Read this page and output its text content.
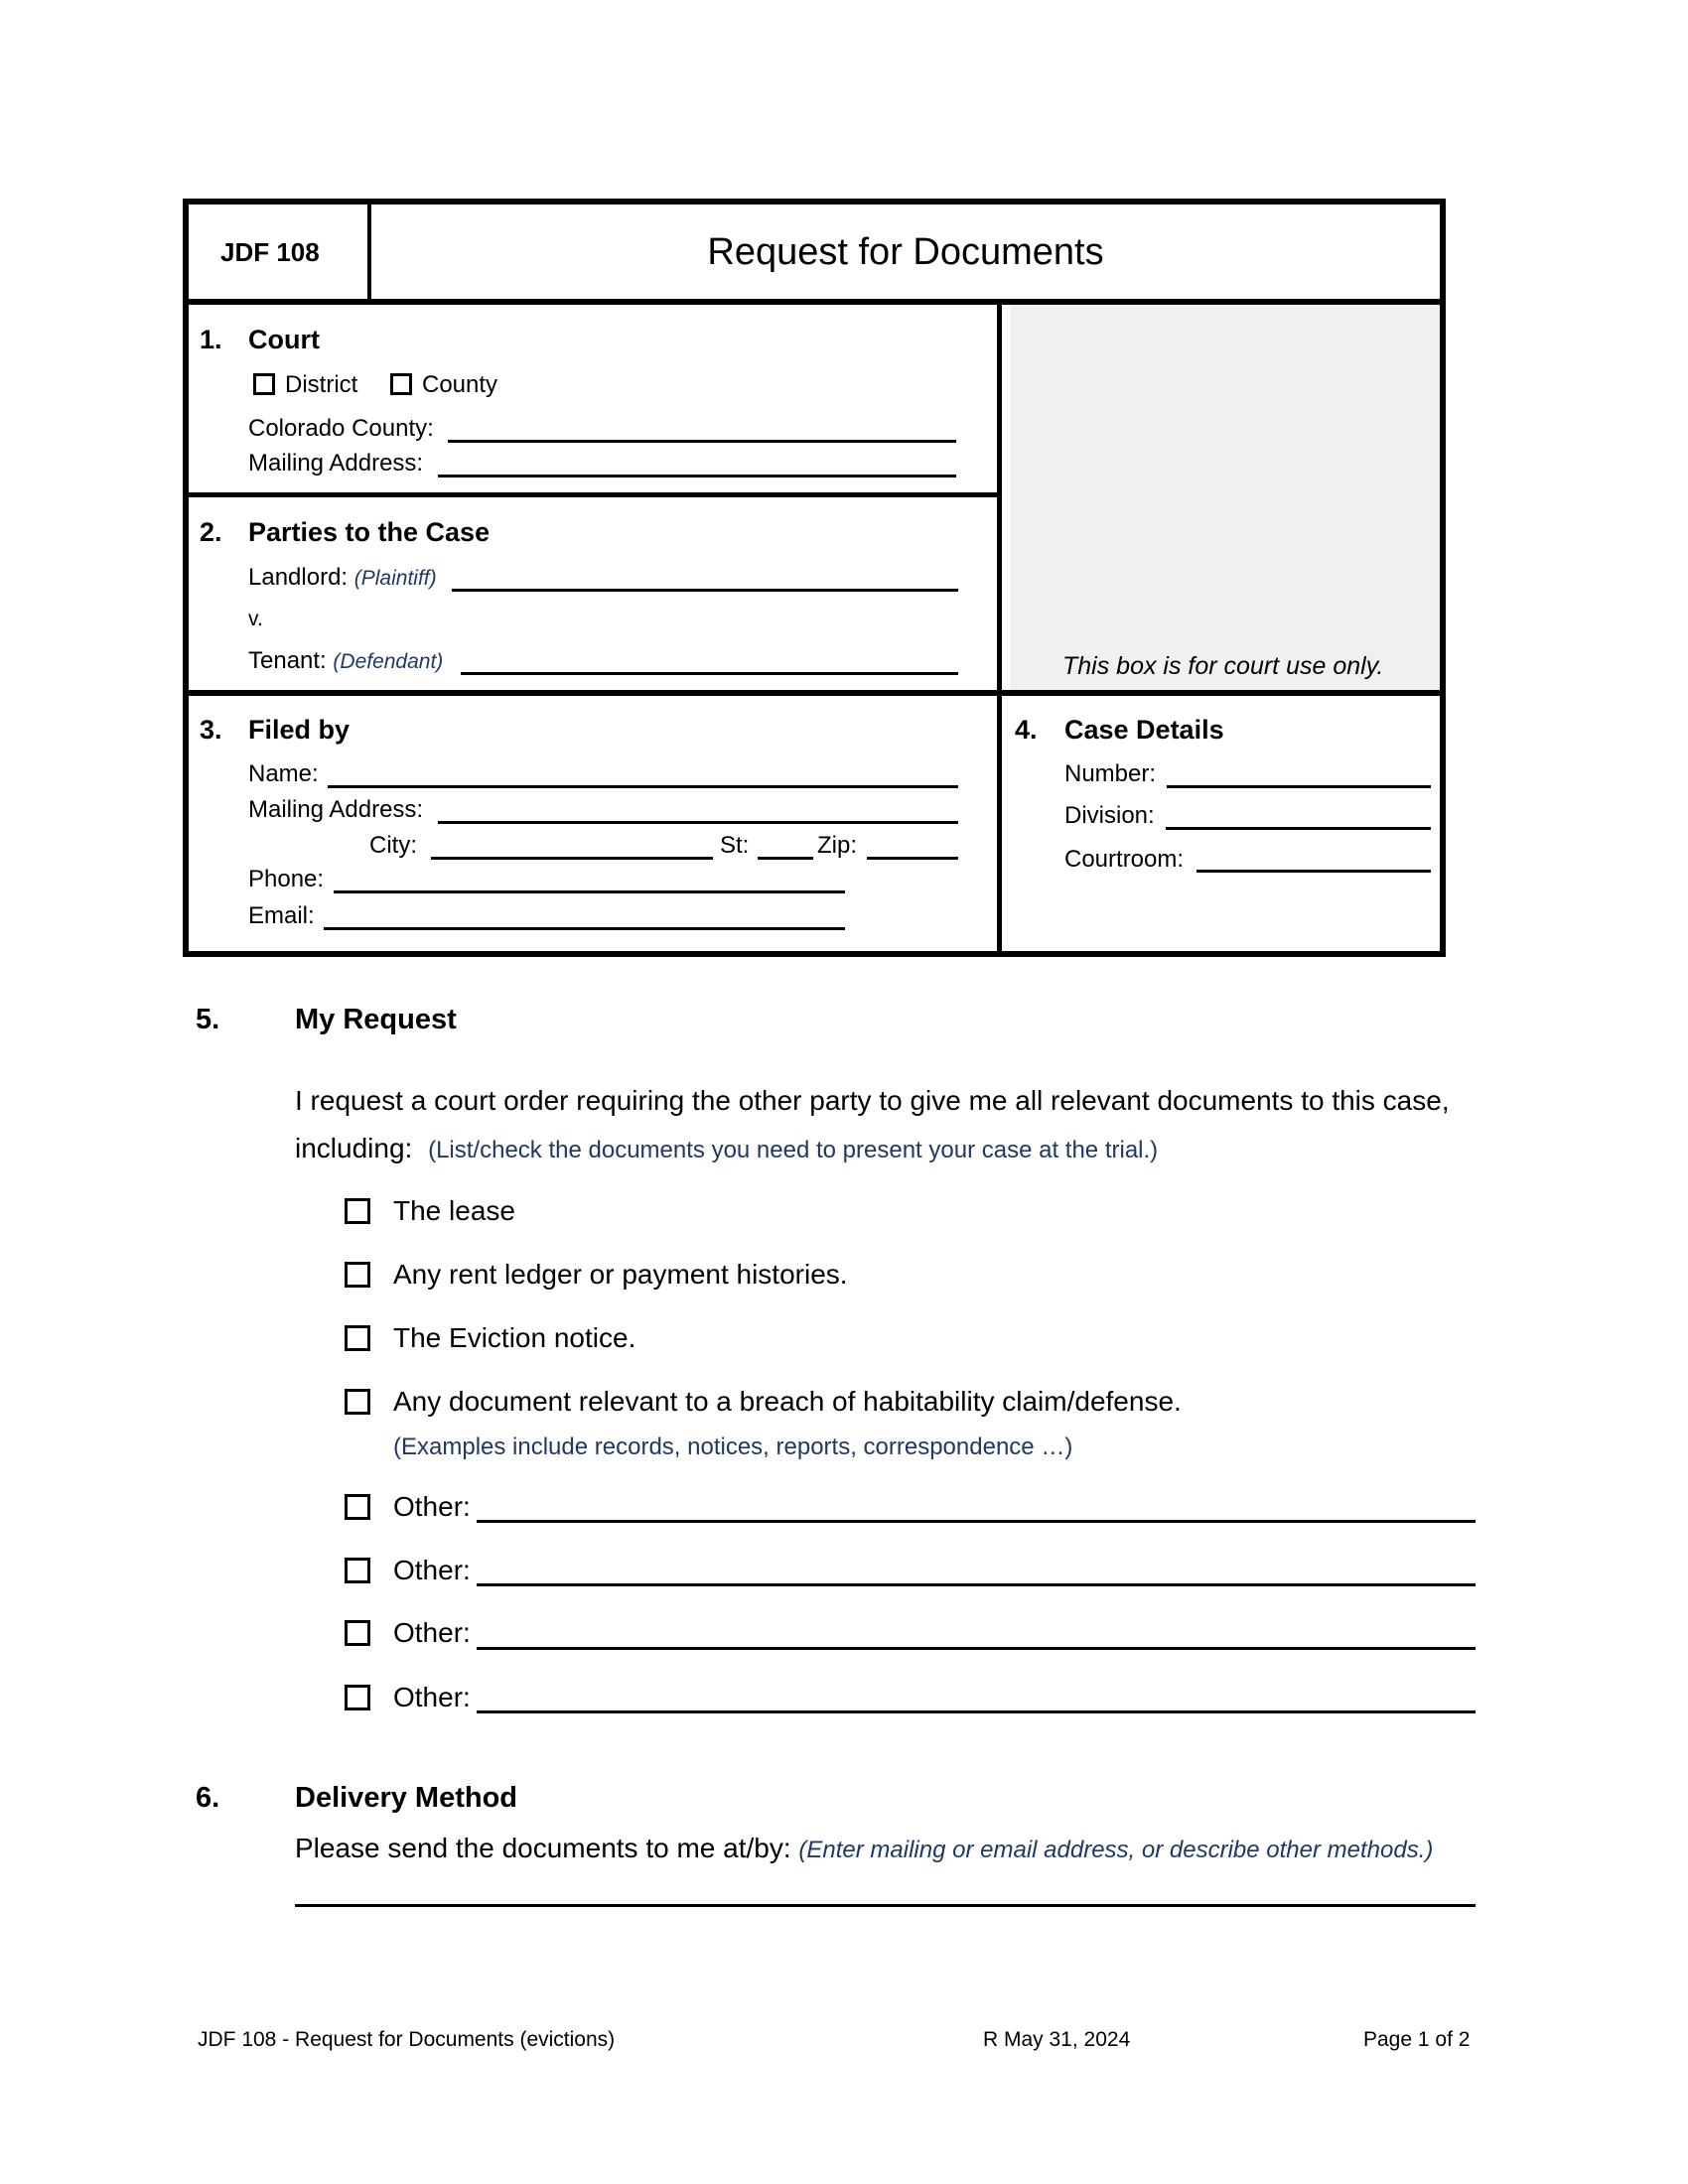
JDF 108	Request for Documents
This box is for court use only.
1. Court
District	County
Colorado County:
Mailing Address:
2. Parties to the Case
Landlord: (Plaintiff)
v.
Tenant: (Defendant)
3. Filed by
Name:
Mailing Address:
City:	St:	Zip:
Phone:
Email:
4. Case Details
Number:
Division:
Courtroom:
5.	My Request
I request a court order requiring the other party to give me all relevant documents to this case,
including: (List/check the documents you need to present your case at the trial.)
The lease
Any rent ledger or payment histories.
The Eviction notice.
Any document relevant to a breach of habitability claim/defense.
(Examples include records, notices, reports, correspondence …)
Other:
Other:
Other:
Other:
6.	Delivery Method
Please send the documents to me at/by: (Enter mailing or email address, or describe other methods.)
JDF 108 - Request for Documents (evictions)	R May 31, 2024	Page 1 of 2
